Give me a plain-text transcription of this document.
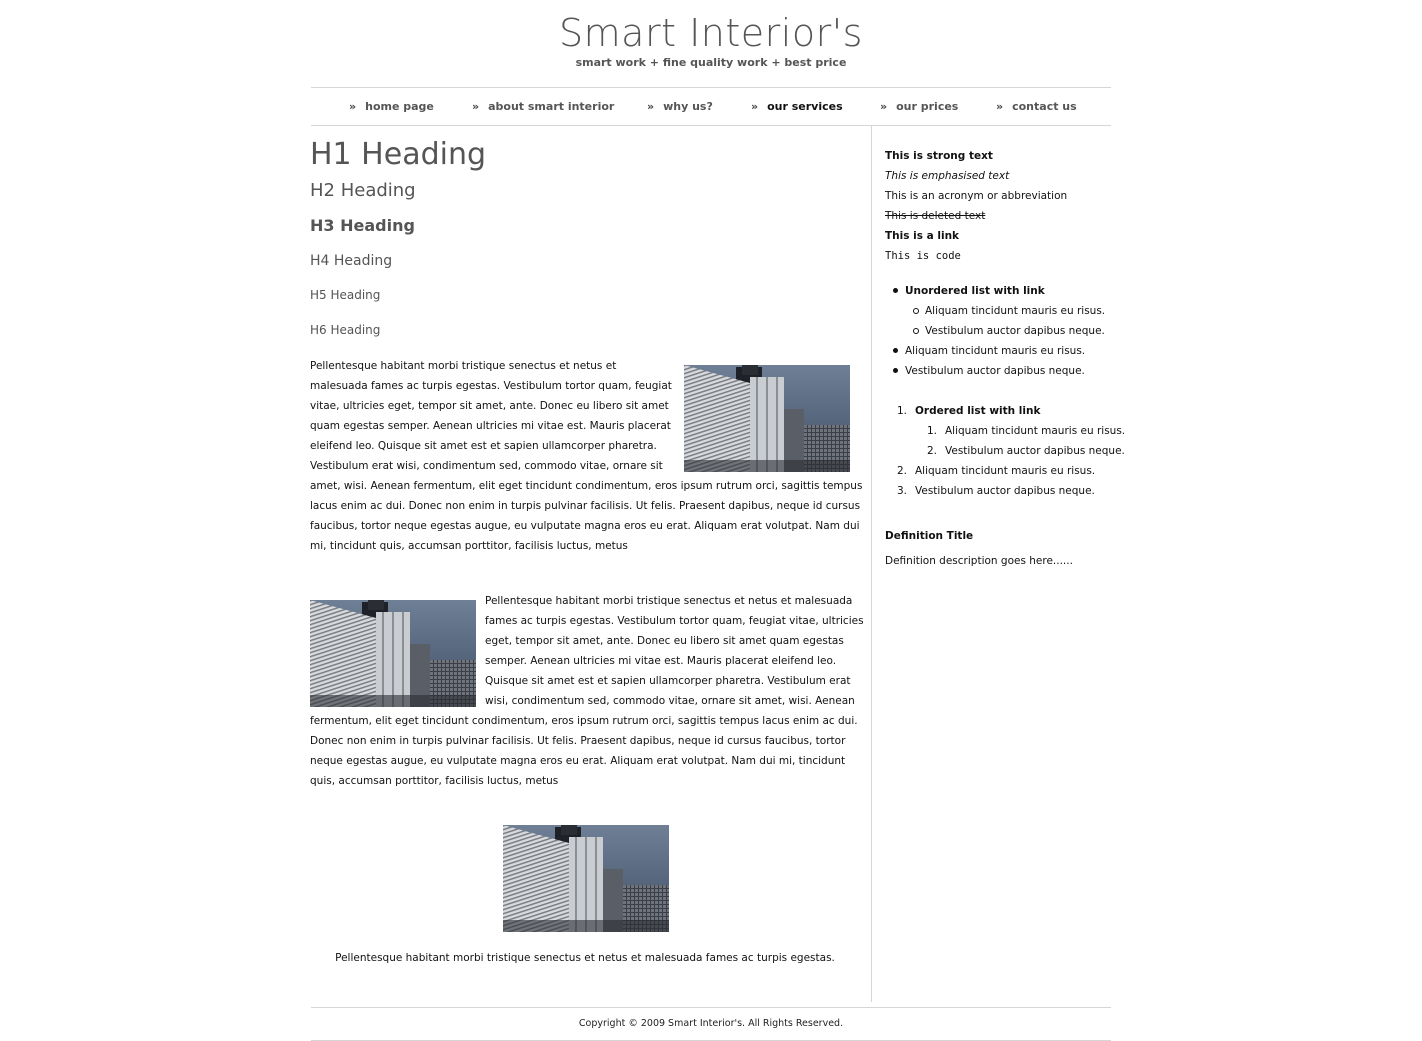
Smart Interior's
smart work + fine quality work + best price
» home page	» about smart interior	» why us?	» our services	» our prices	» contact us
H1 Heading
H2 Heading
H3 Heading
H4 Heading
H5 Heading
H6 Heading
Pellentesque habitant morbi tristique senectus et netus et malesuada fames ac turpis egestas. Vestibulum tortor quam, feugiat vitae, ultricies eget, tempor sit amet, ante. Donec eu libero sit amet quam egestas semper. Aenean ultricies mi vitae est. Mauris placerat eleifend leo. Quisque sit amet est et sapien ullamcorper pharetra. Vestibulum erat wisi, condimentum sed, commodo vitae, ornare sit amet, wisi. Aenean fermentum, elit eget tincidunt condimentum, eros ipsum rutrum orci, sagittis tempus lacus enim ac dui. Donec non enim in turpis pulvinar facilisis. Ut felis. Praesent dapibus, neque id cursus faucibus, tortor neque egestas augue, eu vulputate magna eros eu erat. Aliquam erat volutpat. Nam dui mi, tincidunt quis, accumsan porttitor, facilisis luctus, metus
Pellentesque habitant morbi tristique senectus et netus et malesuada fames ac turpis egestas. Vestibulum tortor quam, feugiat vitae, ultricies eget, tempor sit amet, ante. Donec eu libero sit amet quam egestas semper. Aenean ultricies mi vitae est. Mauris placerat eleifend leo. Quisque sit amet est et sapien ullamcorper pharetra. Vestibulum erat wisi, condimentum sed, commodo vitae, ornare sit amet, wisi. Aenean fermentum, elit eget tincidunt condimentum, eros ipsum rutrum orci, sagittis tempus lacus enim ac dui. Donec non enim in turpis pulvinar facilisis. Ut felis. Praesent dapibus, neque id cursus faucibus, tortor neque egestas augue, eu vulputate magna eros eu erat. Aliquam erat volutpat. Nam dui mi, tincidunt quis, accumsan porttitor, facilisis luctus, metus
Pellentesque habitant morbi tristique senectus et netus et malesuada fames ac turpis egestas.
This is strong text
This is emphasised text
This is an acronym or abbreviation
This is deleted text
This is a link
This is code
Unordered list with link
Aliquam tincidunt mauris eu risus.
Vestibulum auctor dapibus neque.
Aliquam tincidunt mauris eu risus.
Vestibulum auctor dapibus neque.
1. Ordered list with link
1. Aliquam tincidunt mauris eu risus.
2. Vestibulum auctor dapibus neque.
2. Aliquam tincidunt mauris eu risus.
3. Vestibulum auctor dapibus neque.
Definition Title
Definition description goes here......
Copyright © 2009 Smart Interior's. All Rights Reserved.
